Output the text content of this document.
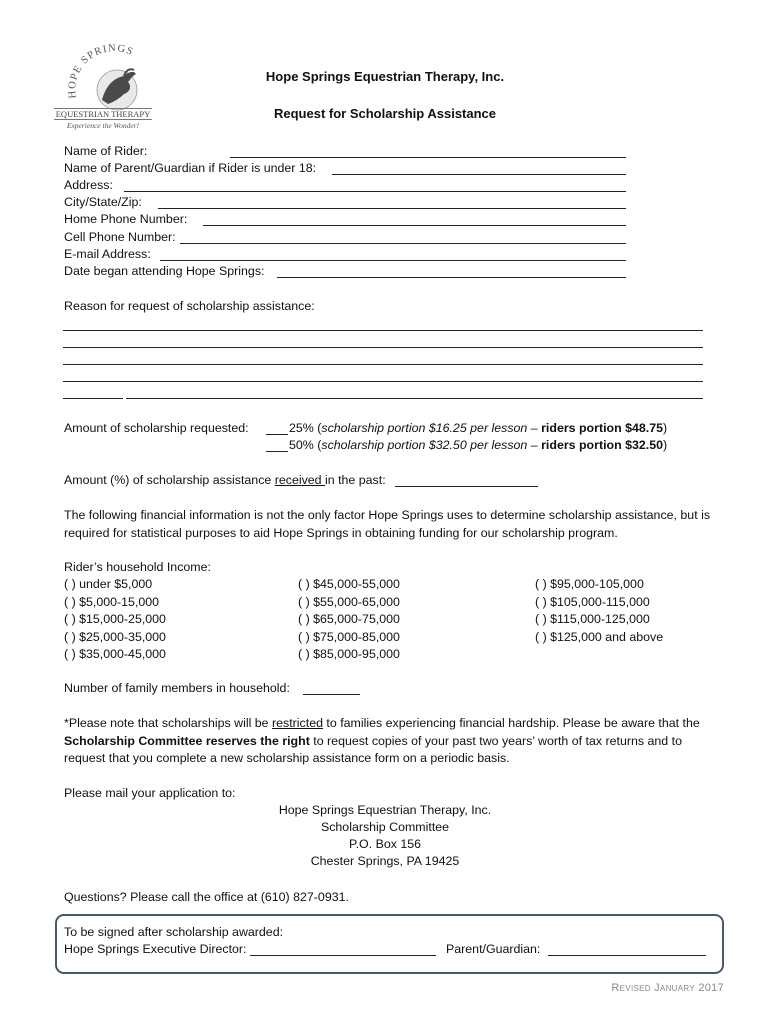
HOPE SPRINGS
EQUESTRIAN THERAPY
Experience the Wonder!
Hope Springs Equestrian Therapy, Inc.
Request for Scholarship Assistance
Name of Rider:
Name of Parent/Guardian if Rider is under 18:
Address:
City/State/Zip:
Home Phone Number:
Cell Phone Number:
E-mail Address:
Date began attending Hope Springs:
Reason for request of scholarship assistance:
Amount of scholarship requested:	25% (scholarship portion $16.25 per lesson – riders portion $48.75)
50% (scholarship portion $32.50 per lesson – riders portion $32.50)
Amount (%) of scholarship assistance received in the past:
The following financial information is not the only factor Hope Springs uses to determine scholarship assistance, but is required for statistical purposes to aid Hope Springs in obtaining funding for our scholarship program.
Rider’s household Income:
( ) under $5,000
( ) $5,000-15,000
( ) $15,000-25,000
( ) $25,000-35,000
( ) $35,000-45,000
( ) $45,000-55,000
( ) $55,000-65,000
( ) $65,000-75,000
( ) $75,000-85,000
( ) $85,000-95,000
( ) $95,000-105,000
( ) $105,000-115,000
( ) $115,000-125,000
( ) $125,000 and above
Number of family members in household:
*Please note that scholarships will be restricted to families experiencing financial hardship. Please be aware that the Scholarship Committee reserves the right to request copies of your past two years’ worth of tax returns and to request that you complete a new scholarship assistance form on a periodic basis.
Please mail your application to:
Hope Springs Equestrian Therapy, Inc.
Scholarship Committee
P.O. Box 156
Chester Springs, PA 19425
Questions? Please call the office at (610) 827-0931.
To be signed after scholarship awarded:
Hope Springs Executive Director:	Parent/Guardian:
Revised January 2017
